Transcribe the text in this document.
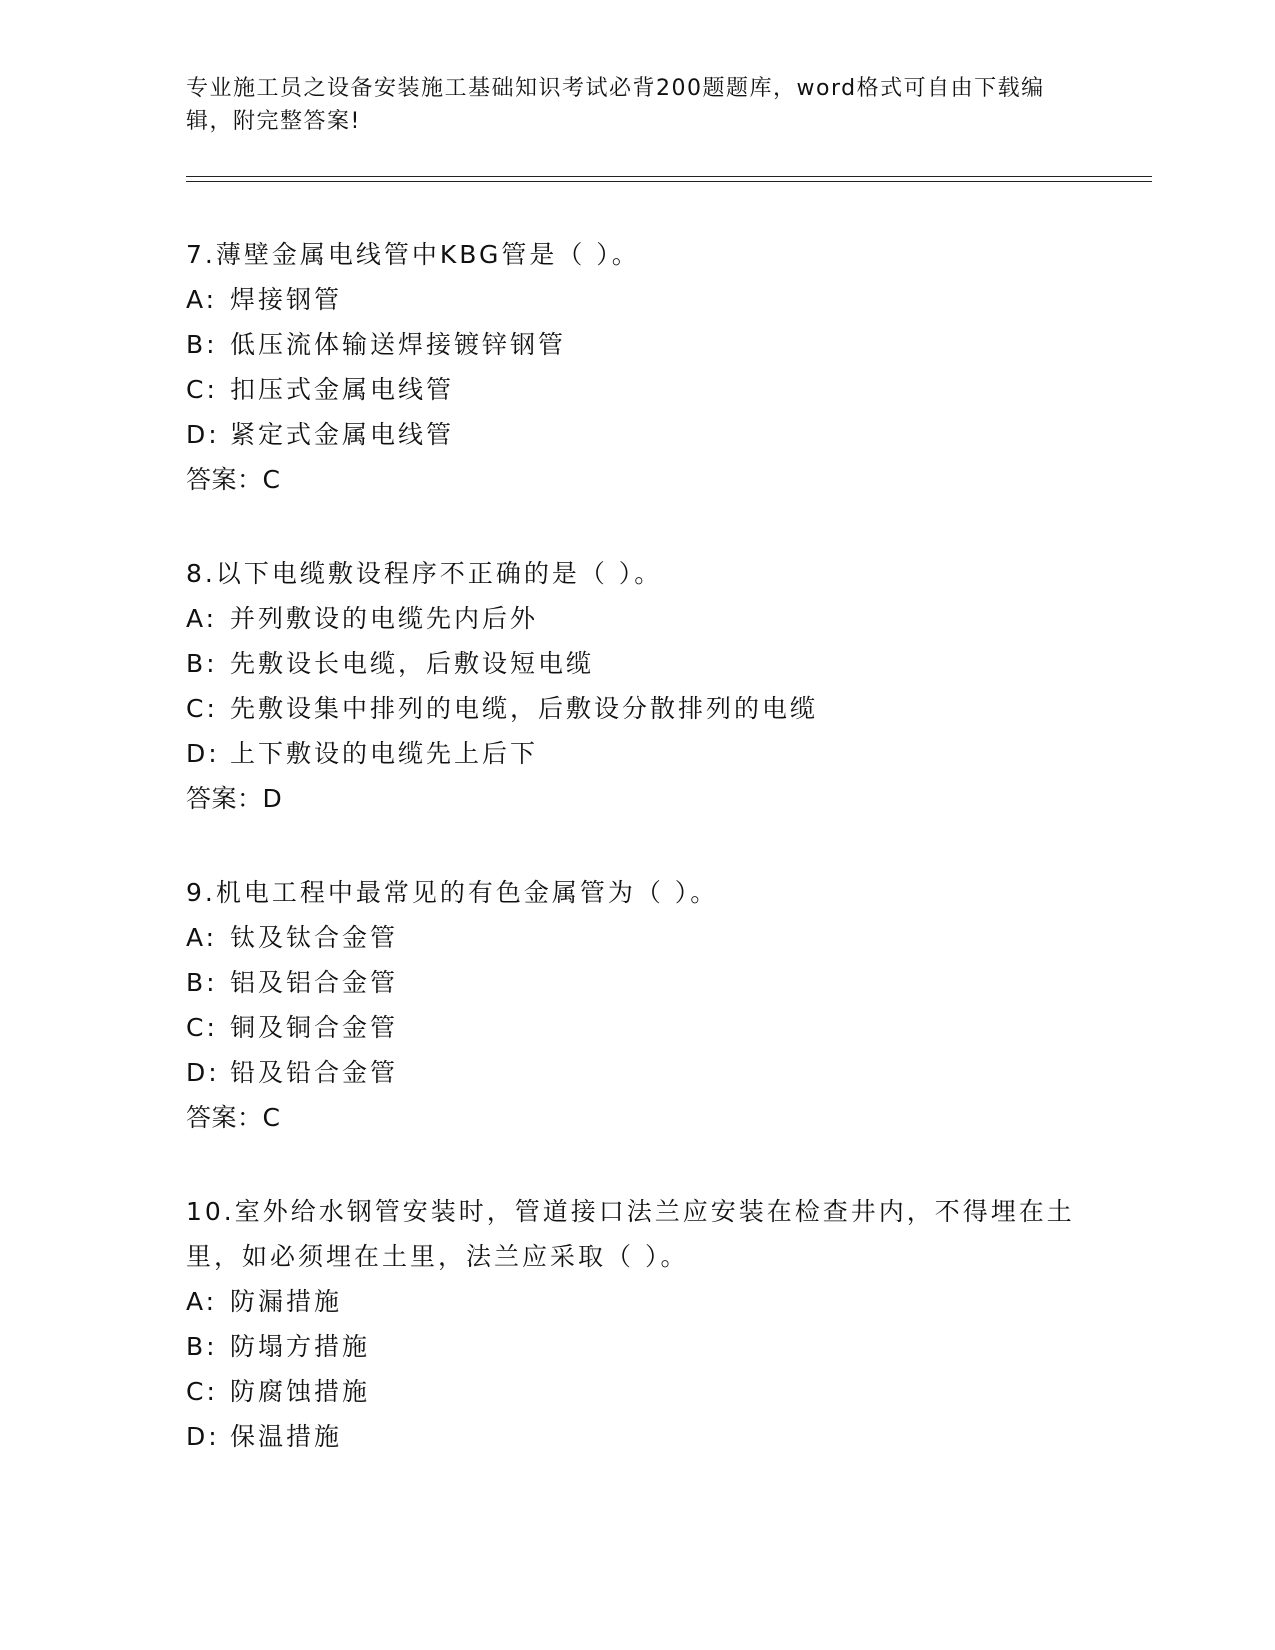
专业施工员之设备安装施工基础知识考试必背200题题库，word格式可自由下载编辑，附完整答案!

7.薄壁金属电线管中KBG管是（ ）。

A: 焊接钢管

B: 低压流体输送焊接镀锌钢管

C: 扣压式金属电线管

D: 紧定式金属电线管

答案：C

8.以下电缆敷设程序不正确的是（ ）。

A: 并列敷设的电缆先内后外

B: 先敷设长电缆，后敷设短电缆

C: 先敷设集中排列的电缆，后敷设分散排列的电缆

D: 上下敷设的电缆先上后下

答案：D

9.机电工程中最常见的有色金属管为（ ）。

A: 钛及钛合金管

B: 铝及铝合金管

C: 铜及铜合金管

D: 铅及铅合金管

答案：C

10.室外给水钢管安装时，管道接口法兰应安装在检查井内，不得埋在土里，如必须埋在土里，法兰应采取（ ）。

A: 防漏措施

B: 防塌方措施

C: 防腐蚀措施

D: 保温措施
